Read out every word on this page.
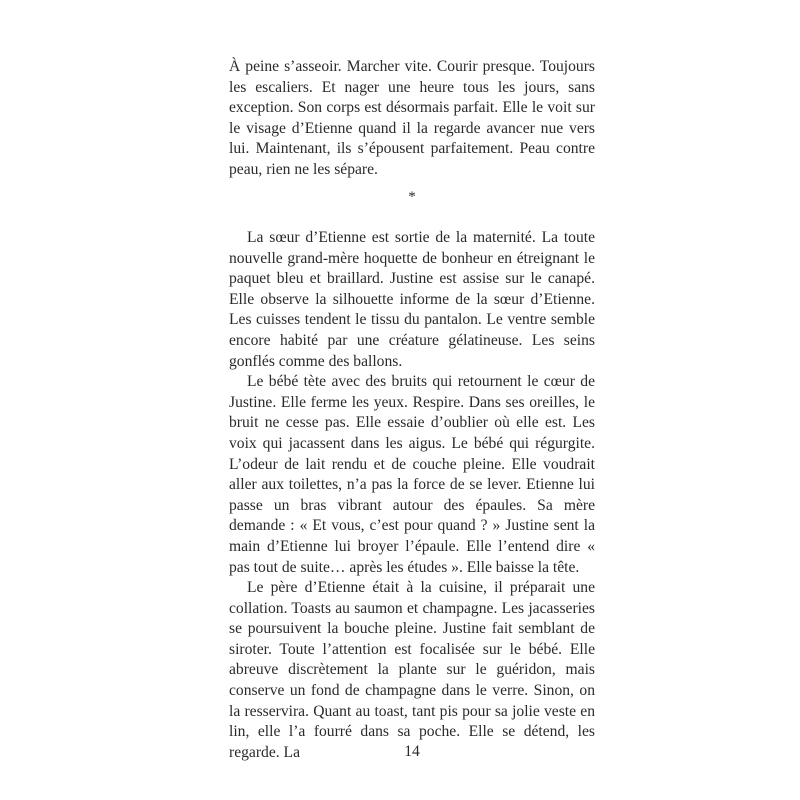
À peine s’asseoir. Marcher vite. Courir presque. Toujours les escaliers. Et nager une heure tous les jours, sans exception. Son corps est désormais parfait. Elle le voit sur le visage d’Etienne quand il la regarde avancer nue vers lui. Maintenant, ils s’épousent parfaitement. Peau contre peau, rien ne les sépare.

*

La sœur d’Etienne est sortie de la maternité. La toute nouvelle grand-mère hoquette de bonheur en étreignant le paquet bleu et braillard. Justine est assise sur le canapé. Elle observe la silhouette informe de la sœur d’Etienne. Les cuisses tendent le tissu du pantalon. Le ventre semble encore habité par une créature gélatineuse. Les seins gonflés comme des ballons.

Le bébé tète avec des bruits qui retournent le cœur de Justine. Elle ferme les yeux. Respire. Dans ses oreilles, le bruit ne cesse pas. Elle essaie d’oublier où elle est. Les voix qui jacassent dans les aigus. Le bébé qui régurgite. L’odeur de lait rendu et de couche pleine. Elle voudrait aller aux toilettes, n’a pas la force de se lever. Etienne lui passe un bras vibrant autour des épaules. Sa mère demande : « Et vous, c’est pour quand ? » Justine sent la main d’Etienne lui broyer l’épaule. Elle l’entend dire « pas tout de suite… après les études ». Elle baisse la tête.

Le père d’Etienne était à la cuisine, il préparait une collation. Toasts au saumon et champagne. Les jacasseries se poursuivent la bouche pleine. Justine fait semblant de siroter. Toute l’attention est focalisée sur le bébé. Elle abreuve discrètement la plante sur le guéridon, mais conserve un fond de champagne dans le verre. Sinon, on la resservira. Quant au toast, tant pis pour sa jolie veste en lin, elle l’a fourré dans sa poche. Elle se détend, les regarde. La	14
